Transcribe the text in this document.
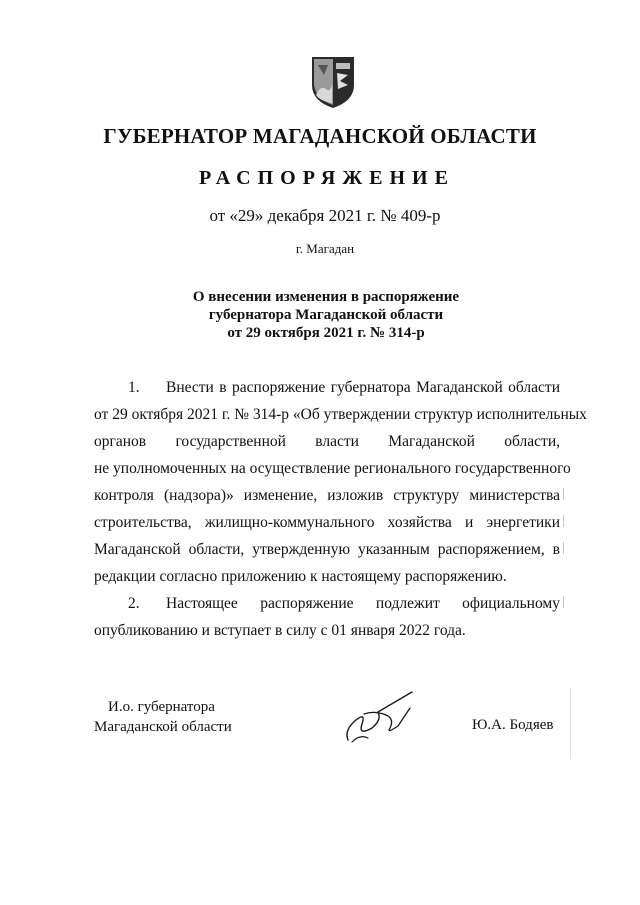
ГУБЕРНАТОР МАГАДАНСКОЙ ОБЛАСТИ
РАСПОРЯЖЕНИЕ
от «29» декабря 2021 г. № 409-р
г. Магадан
О внесении изменения в распоряжение
губернатора Магаданской области
от 29 октября 2021 г. № 314-р
1. Внести в распоряжение губернатора Магаданской области
от 29 октября 2021 г. № 314-р «Об утверждении структур исполнительных
органов государственной власти Магаданской области,
не уполномоченных на осуществление регионального государственного
контроля (надзора)» изменение, изложив структуру министерства
строительства, жилищно-коммунального хозяйства и энергетики
Магаданской области, утвержденную указанным распоряжением, в
редакции согласно приложению к настоящему распоряжению.
2. Настоящее распоряжение подлежит официальному
опубликованию и вступает в силу с 01 января 2022 года.
И.о. губернатора
Магаданской области	Ю.А. Бодяев
